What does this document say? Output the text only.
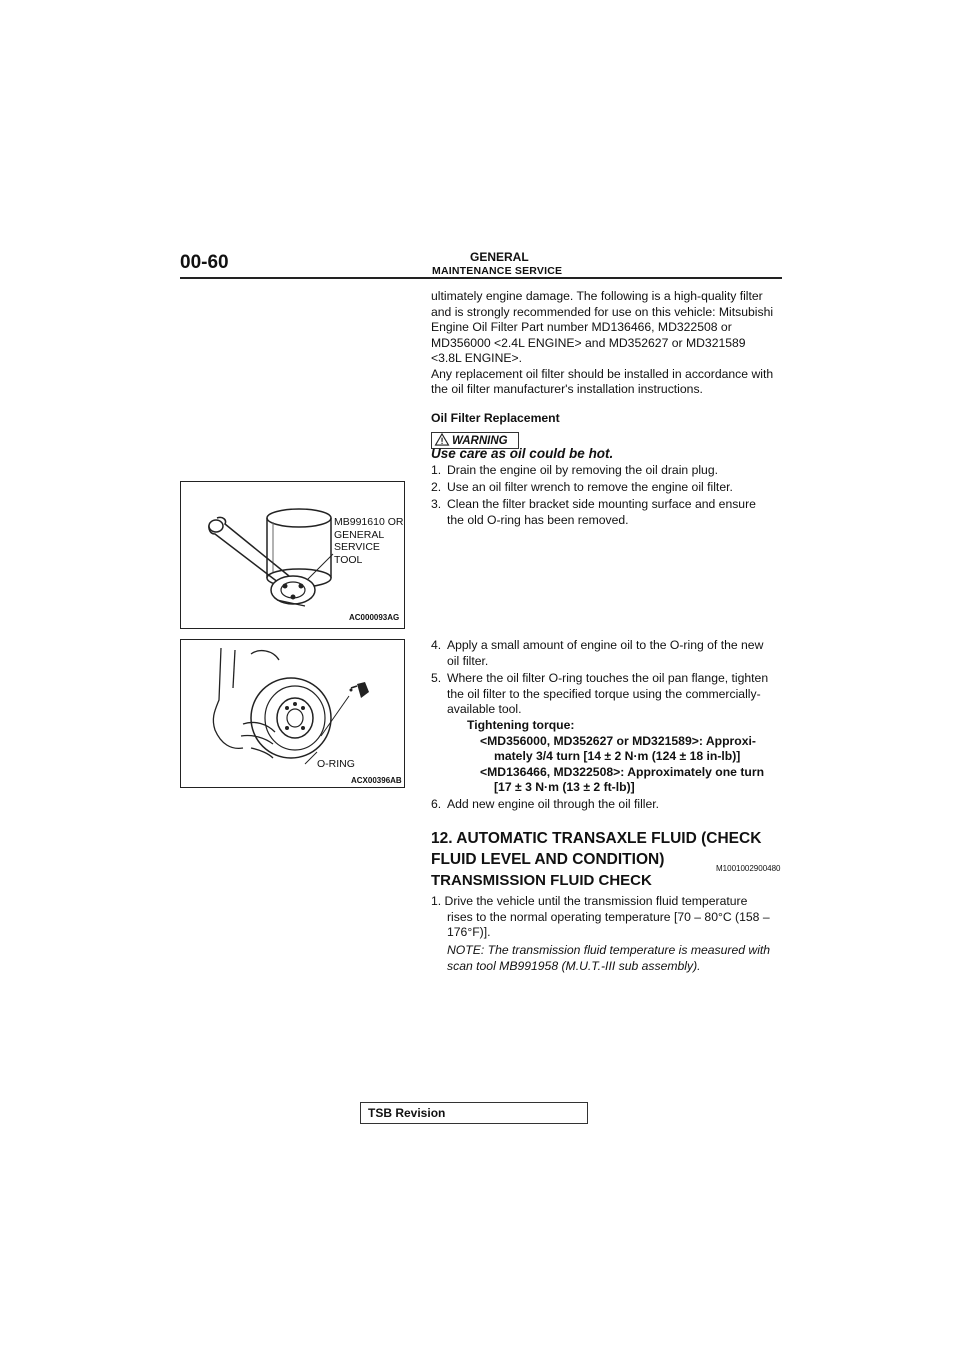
00-60	GENERAL
MAINTENANCE SERVICE
ultimately engine damage. The following is a high-quality filter
and is strongly recommended for use on this vehicle: Mitsubishi
Engine Oil Filter Part number MD136466, MD322508 or
MD356000 <2.4L ENGINE> and MD352627 or MD321589
<3.8L ENGINE>.
Any replacement oil filter should be installed in accordance with
the oil filter manufacturer's installation instructions.
Oil Filter Replacement
WARNING
Use care as oil could be hot.
1. Drain the engine oil by removing the oil drain plug.
2. Use an oil filter wrench to remove the engine oil filter.
3. Clean the filter bracket side mounting surface and ensure
the old O-ring has been removed.
MB991610 OR
GENERAL
SERVICE
TOOL
AC000093AG
O-RING
ACX00396AB
4. Apply a small amount of engine oil to the O-ring of the new
oil filter.
5. Where the oil filter O-ring touches the oil pan flange, tighten
the oil filter to the specified torque using the commercially-
available tool.
Tightening torque:
<MD356000, MD352627 or MD321589>: Approxi-
mately 3/4 turn [14 ± 2 N·m (124 ± 18 in-lb)]
<MD136466, MD322508>: Approximately one turn
[17 ± 3 N·m (13 ± 2 ft-lb)]
6. Add new engine oil through the oil filler.
12. AUTOMATIC TRANSAXLE FLUID (CHECK
FLUID LEVEL AND CONDITION)
M1001002900480
TRANSMISSION FLUID CHECK
1. Drive the vehicle until the transmission fluid temperature
rises to the normal operating temperature [70 – 80°C (158 –
176°F)].
NOTE: The transmission fluid temperature is measured with
scan tool MB991958 (M.U.T.-III sub assembly).
TSB Revision
